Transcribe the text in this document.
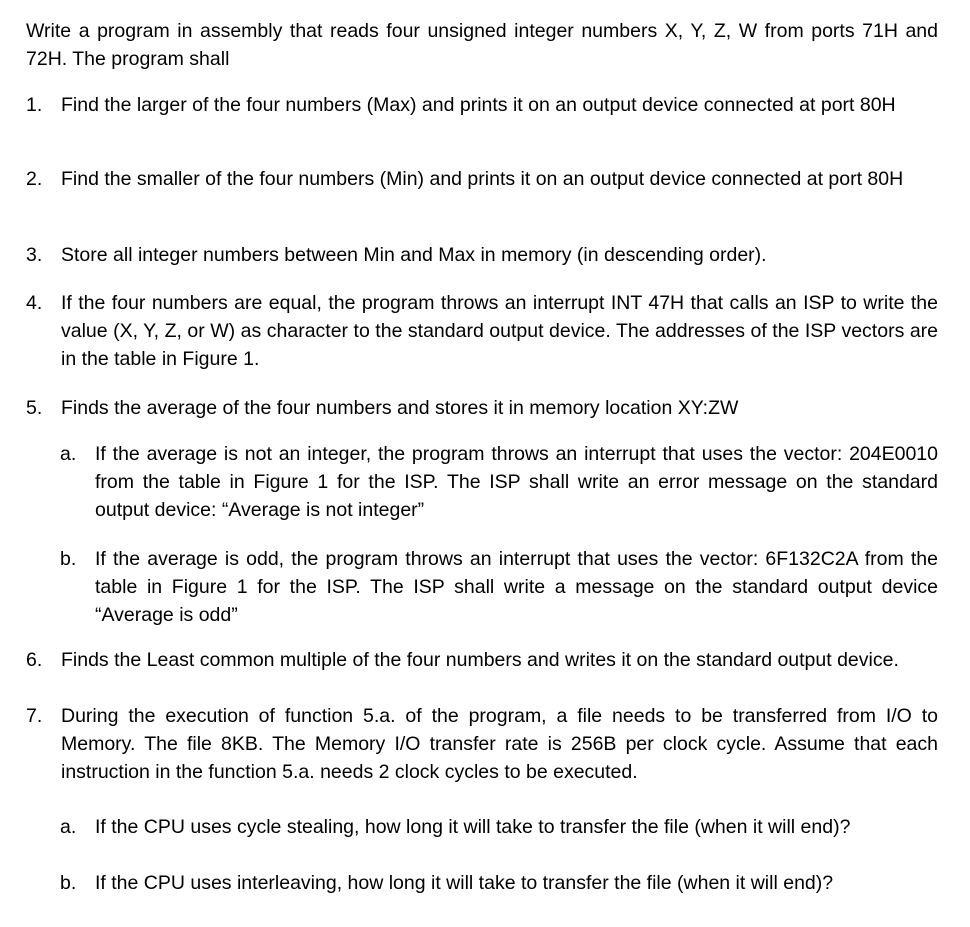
Write a program in assembly that reads four unsigned integer numbers X, Y, Z, W from ports 71H and 72H. The program shall

1. Find the larger of the four numbers (Max) and prints it on an output device connected at port 80H
2. Find the smaller of the four numbers (Min) and prints it on an output device connected at port 80H
3. Store all integer numbers between Min and Max in memory (in descending order).
4. If the four numbers are equal, the program throws an interrupt INT 47H that calls an ISP to write the value (X, Y, Z, or W) as character to the standard output device. The addresses of the ISP vectors are in the table in Figure 1.
5. Finds the average of the four numbers and stores it in memory location XY:ZW
a. If the average is not an integer, the program throws an interrupt that uses the vector: 204E0010 from the table in Figure 1 for the ISP. The ISP shall write an error message on the standard output device: “Average is not integer”
b. If the average is odd, the program throws an interrupt that uses the vector: 6F132C2A from the table in Figure 1 for the ISP. The ISP shall write a message on the standard output device “Average is odd”
6. Finds the Least common multiple of the four numbers and writes it on the standard output device.
7. During the execution of function 5.a. of the program, a file needs to be transferred from I/O to Memory. The file 8KB. The Memory I/O transfer rate is 256B per clock cycle. Assume that each instruction in the function 5.a. needs 2 clock cycles to be executed.
a. If the CPU uses cycle stealing, how long it will take to transfer the file (when it will end)?
b. If the CPU uses interleaving, how long it will take to transfer the file (when it will end)?
